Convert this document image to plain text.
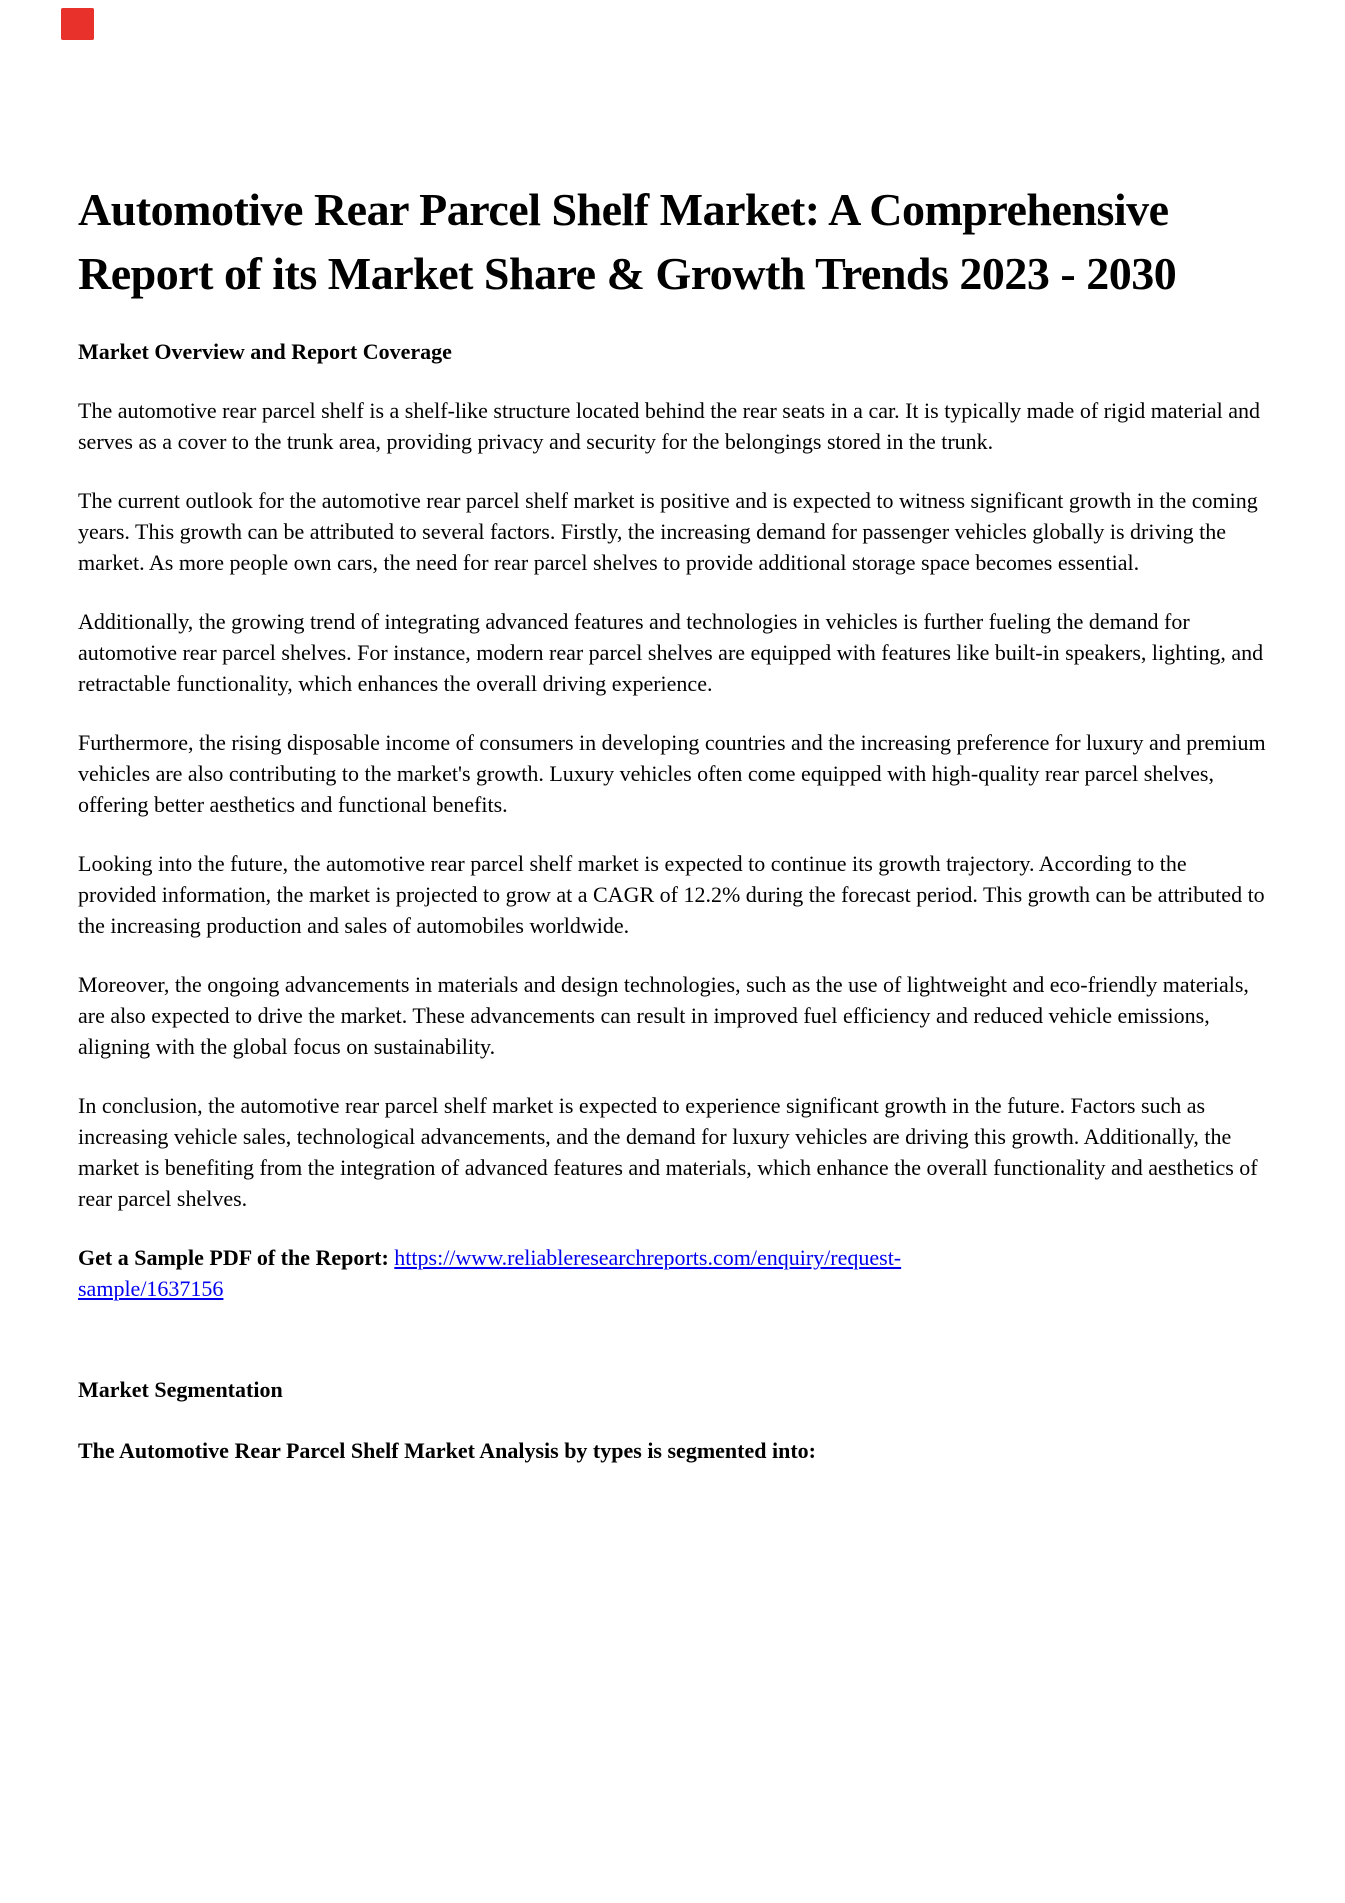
Automotive Rear Parcel Shelf Market: A Comprehensive Report of its Market Share & Growth Trends 2023 - 2030
Market Overview and Report Coverage

The automotive rear parcel shelf is a shelf-like structure located behind the rear seats in a car. It is typically made of rigid material and serves as a cover to the trunk area, providing privacy and security for the belongings stored in the trunk.

The current outlook for the automotive rear parcel shelf market is positive and is expected to witness significant growth in the coming years. This growth can be attributed to several factors. Firstly, the increasing demand for passenger vehicles globally is driving the market. As more people own cars, the need for rear parcel shelves to provide additional storage space becomes essential.

Additionally, the growing trend of integrating advanced features and technologies in vehicles is further fueling the demand for automotive rear parcel shelves. For instance, modern rear parcel shelves are equipped with features like built-in speakers, lighting, and retractable functionality, which enhances the overall driving experience.

Furthermore, the rising disposable income of consumers in developing countries and the increasing preference for luxury and premium vehicles are also contributing to the market's growth. Luxury vehicles often come equipped with high-quality rear parcel shelves, offering better aesthetics and functional benefits.

Looking into the future, the automotive rear parcel shelf market is expected to continue its growth trajectory. According to the provided information, the market is projected to grow at a CAGR of 12.2% during the forecast period. This growth can be attributed to the increasing production and sales of automobiles worldwide.

Moreover, the ongoing advancements in materials and design technologies, such as the use of lightweight and eco-friendly materials, are also expected to drive the market. These advancements can result in improved fuel efficiency and reduced vehicle emissions, aligning with the global focus on sustainability.

In conclusion, the automotive rear parcel shelf market is expected to experience significant growth in the future. Factors such as increasing vehicle sales, technological advancements, and the demand for luxury vehicles are driving this growth. Additionally, the market is benefiting from the integration of advanced features and materials, which enhance the overall functionality and aesthetics of rear parcel shelves.

Get a Sample PDF of the Report: https://www.reliableresearchreports.com/enquiry/request-
sample/1637156

Market Segmentation
The Automotive Rear Parcel Shelf Market Analysis by types is segmented into:
